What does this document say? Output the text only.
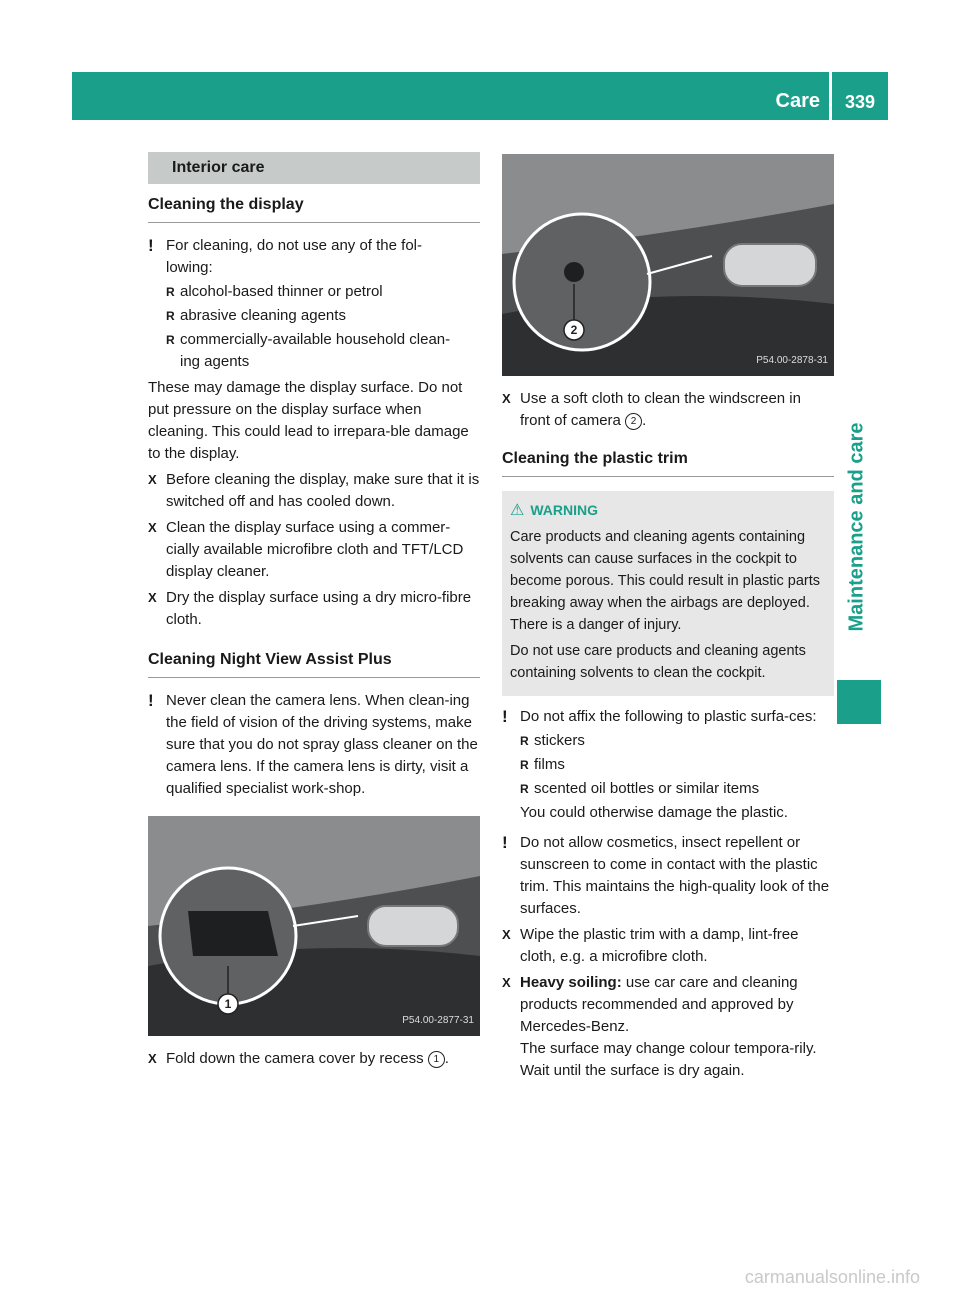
Care	339
Maintenance and care
Interior care
Cleaning the display
! For cleaning, do not use any of the fol-
lowing:
R alcohol-based thinner or petrol
R abrasive cleaning agents
R commercially-available household clean-
ing agents
These may damage the display surface. Do not put pressure on the display surface when cleaning. This could lead to irrepara-ble damage to the display.
X Before cleaning the display, make sure that it is switched off and has cooled down.
X Clean the display surface using a commer-cially available microfibre cloth and TFT/LCD display cleaner.
X Dry the display surface using a dry micro-fibre cloth.
Cleaning Night View Assist Plus
! Never clean the camera lens. When clean-ing the field of vision of the driving systems, make sure that you do not spray glass cleaner on the camera lens. If the camera lens is dirty, visit a qualified specialist work-shop.
1
P54.00-2877-31
X Fold down the camera cover by recess 1 .
2
P54.00-2878-31
X Use a soft cloth to clean the windscreen in front of camera 2 .
Cleaning the plastic trim
⚠ WARNING

Care products and cleaning agents containing solvents can cause surfaces in the cockpit to become porous. This could result in plastic parts breaking away when the airbags are deployed. There is a danger of injury.

Do not use care products and cleaning agents containing solvents to clean the cockpit.

! Do not affix the following to plastic surfa-ces:
R stickers
R films
R scented oil bottles or similar items
You could otherwise damage the plastic.
! Do not allow cosmetics, insect repellent or sunscreen to come in contact with the plastic trim. This maintains the high-quality look of the surfaces.
X Wipe the plastic trim with a damp, lint-free cloth, e.g. a microfibre cloth.
X Heavy soiling: use car care and cleaning products recommended and approved by Mercedes-Benz.
The surface may change colour tempora-rily. Wait until the surface is dry again.
carmanualsonline.info
